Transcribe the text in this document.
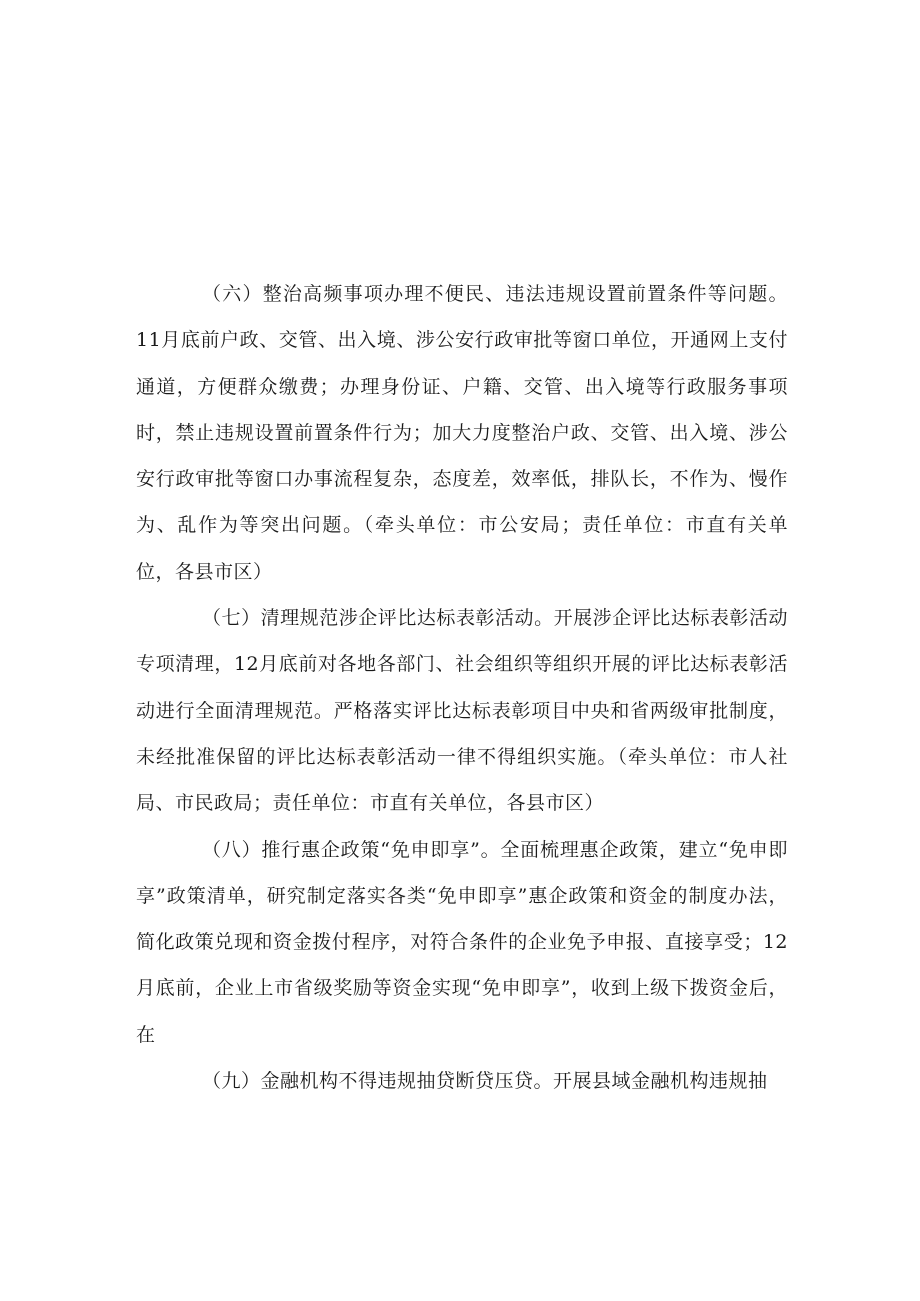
（六）整治高频事项办理不便民、违法违规设置前置条件等问题。11月底前户政、交管、出入境、涉公安行政审批等窗口单位，开通网上支付通道，方便群众缴费；办理身份证、户籍、交管、出入境等行政服务事项时，禁止违规设置前置条件行为；加大力度整治户政、交管、出入境、涉公安行政审批等窗口办事流程复杂，态度差，效率低，排队长，不作为、慢作为、乱作为等突出问题。（牵头单位：市公安局；责任单位：市直有关单位，各县市区）

（七）清理规范涉企评比达标表彰活动。开展涉企评比达标表彰活动专项清理，12月底前对各地各部门、社会组织等组织开展的评比达标表彰活动进行全面清理规范。严格落实评比达标表彰项目中央和省两级审批制度，未经批准保留的评比达标表彰活动一律不得组织实施。（牵头单位：市人社局、市民政局；责任单位：市直有关单位，各县市区）

（八）推行惠企政策“免申即享”。全面梳理惠企政策，建立“免申即享”政策清单，研究制定落实各类“免申即享”惠企政策和资金的制度办法，简化政策兑现和资金拨付程序，对符合条件的企业免予申报、直接享受；12月底前，企业上市省级奖励等资金实现“免申即享”，收到上级下拨资金后，在

（九）金融机构不得违规抽贷断贷压贷。开展县域金融机构违规抽
